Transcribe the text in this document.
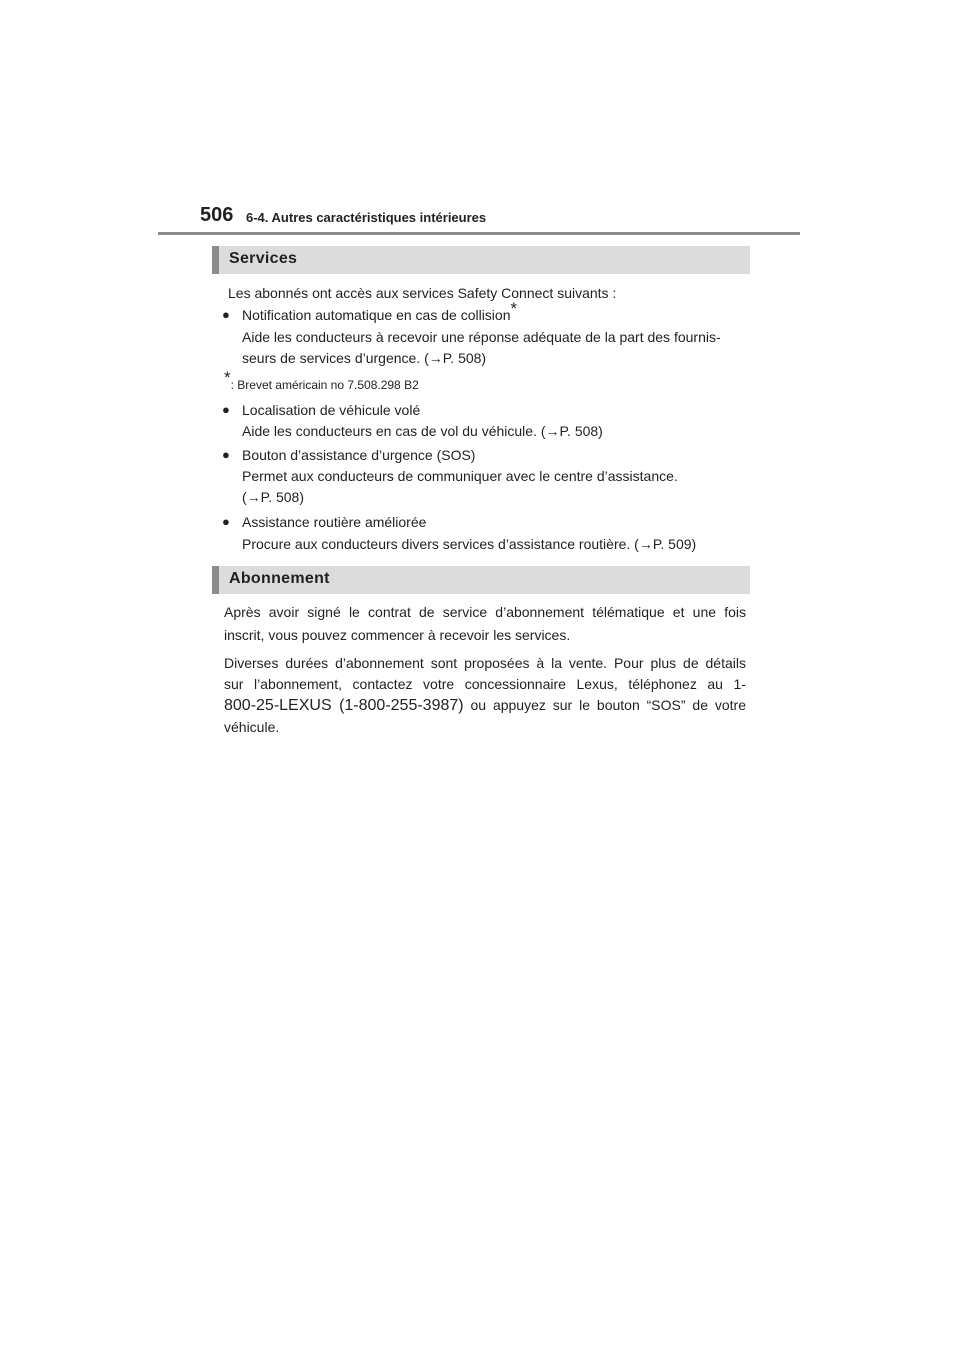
506 6-4. Autres caractéristiques intérieures
Services
Les abonnés ont accès aux services Safety Connect suivants :
● Notification automatique en cas de collision*
Aide les conducteurs à recevoir une réponse adéquate de la part des fournis-
seurs de services d’urgence. (→P. 508)
*: Brevet américain no 7.508.298 B2
● Localisation de véhicule volé
Aide les conducteurs en cas de vol du véhicule. (→P. 508)
● Bouton d’assistance d’urgence (SOS)
Permet aux conducteurs de communiquer avec le centre d’assistance.
(→P. 508)
● Assistance routière améliorée
Procure aux conducteurs divers services d’assistance routière. (→P. 509)
Abonnement
Après avoir signé le contrat de service d’abonnement télématique et une fois
inscrit, vous pouvez commencer à recevoir les services.
Diverses durées d’abonnement sont proposées à la vente. Pour plus de détails
sur l’abonnement, contactez votre concessionnaire Lexus, téléphonez au 1-
800-25-LEXUS (1-800-255-3987) ou appuyez sur le bouton “SOS” de votre
véhicule.
